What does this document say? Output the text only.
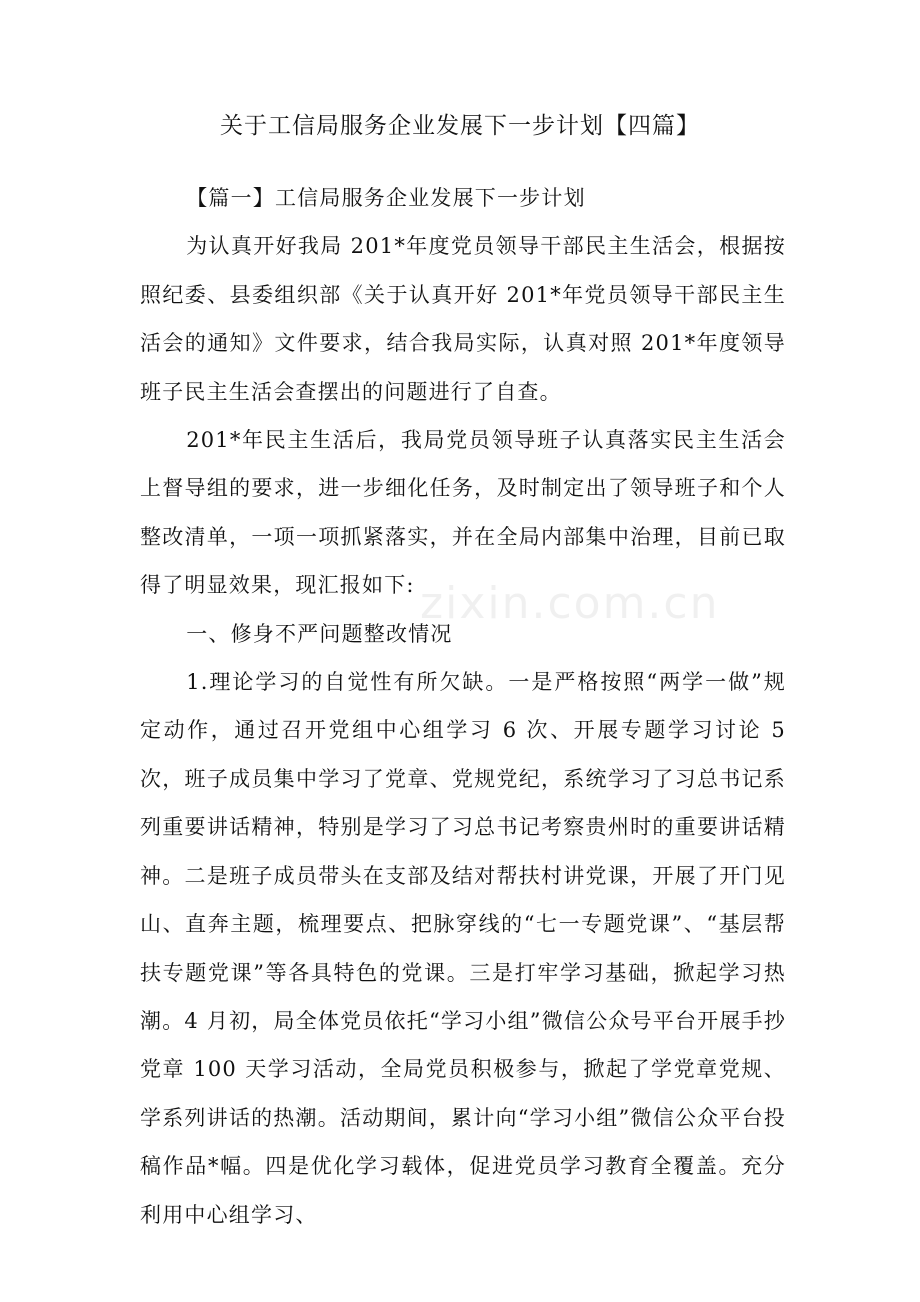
关于工信局服务企业发展下一步计划【四篇】

【篇一】工信局服务企业发展下一步计划

为认真开好我局 201*年度党员领导干部民主生活会，根据按照纪委、县委组织部《关于认真开好 201*年党员领导干部民主生活会的通知》文件要求，结合我局实际，认真对照 201*年度领导班子民主生活会查摆出的问题进行了自查。

201*年民主生活后，我局党员领导班子认真落实民主生活会上督导组的要求，进一步细化任务，及时制定出了领导班子和个人整改清单，一项一项抓紧落实，并在全局内部集中治理，目前已取得了明显效果，现汇报如下:

一、修身不严问题整改情况

1.理论学习的自觉性有所欠缺。一是严格按照“两学一做”规定动作，通过召开党组中心组学习 6 次、开展专题学习讨论 5 次，班子成员集中学习了党章、党规党纪，系统学习了习总书记系列重要讲话精神，特别是学习了习总书记考察贵州时的重要讲话精神。二是班子成员带头在支部及结对帮扶村讲党课，开展了开门见山、直奔主题，梳理要点、把脉穿线的“七一专题党课”、“基层帮扶专题党课”等各具特色的党课。三是打牢学习基础，掀起学习热潮。4 月初，局全体党员依托“学习小组”微信公众号平台开展手抄党章 100 天学习活动，全局党员积极参与，掀起了学党章党规、学系列讲话的热潮。活动期间，累计向“学习小组”微信公众平台投稿作品*幅。四是优化学习载体，促进党员学习教育全覆盖。充分利用中心组学习、

zixin.com.cn
